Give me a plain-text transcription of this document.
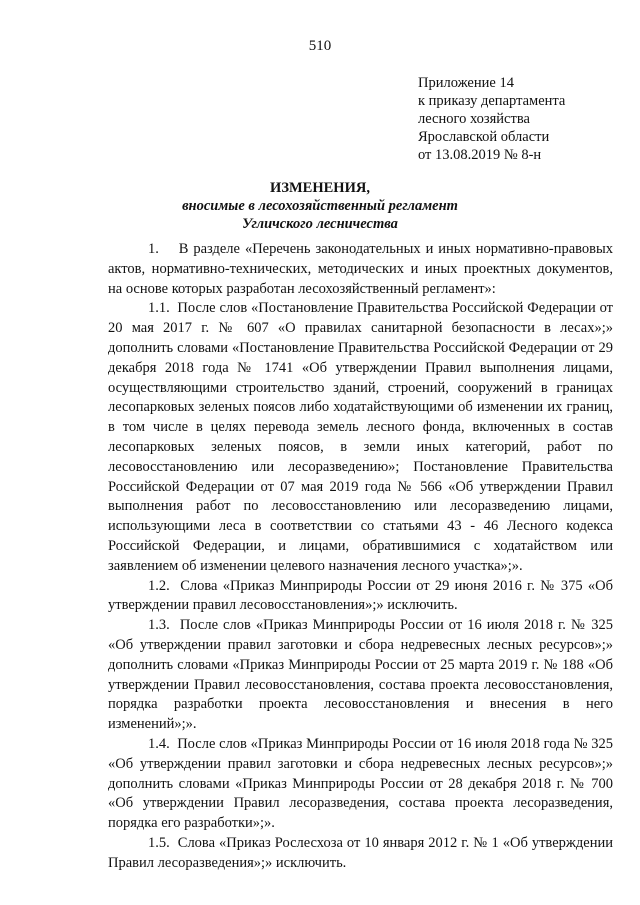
510
Приложение 14
к приказу департамента
лесного хозяйства
Ярославской области
от 13.08.2019 № 8-н
ИЗМЕНЕНИЯ,
вносимые в лесохозяйственный регламент
Угличского лесничества

1.    В разделе «Перечень законодательных и иных нормативно-правовых актов, нормативно-технических, методических и иных проектных документов, на основе которых разработан лесохозяйственный регламент»:

1.1.  После слов «Постановление Правительства Российской Федерации от 20 мая 2017 г. № 607 «О правилах санитарной безопасности в лесах»;» дополнить словами «Постановление Правительства Российской Федерации от 29 декабря 2018 года № 1741 «Об утверждении Правил выполнения лицами, осуществляющими строительство зданий, строений, сооружений в границах лесопарковых зеленых поясов либо ходатайствующими об изменении их границ, в том числе в целях перевода земель лесного фонда, включенных в состав лесопарковых зеленых поясов, в земли иных категорий, работ по лесовосстановлению или лесоразведению»; Постановление Правительства Российской Федерации от 07 мая 2019 года № 566 «Об утверждении Правил выполнения работ по лесовосстановлению или лесоразведению лицами, использующими леса в соответствии со статьями 43 - 46 Лесного кодекса Российской Федерации, и лицами, обратившимися с ходатайством или заявлением об изменении целевого назначения лесного участка»;».

1.2.  Слова «Приказ Минприроды России от 29 июня 2016 г. № 375 «Об утверждении правил лесовосстановления»;» исключить.

1.3.  После слов «Приказ Минприроды России от 16 июля 2018 г. № 325 «Об утверждении правил заготовки и сбора недревесных лесных ресурсов»;» дополнить словами «Приказ Минприроды России от 25 марта 2019 г. № 188 «Об утверждении Правил лесовосстановления, состава проекта лесовосстановления, порядка разработки проекта лесовосстановления и внесения в него изменений»;».

1.4.  После слов «Приказ Минприроды России от 16 июля 2018 года № 325 «Об утверждении правил заготовки и сбора недревесных лесных ресурсов»;» дополнить словами «Приказ Минприроды России от 28 декабря 2018 г. № 700 «Об утверждении Правил лесоразведения, состава проекта лесоразведения, порядка его разработки»;».

1.5.  Слова «Приказ Рослесхоза от 10 января 2012 г. № 1 «Об утверждении Правил лесоразведения»;» исключить.
